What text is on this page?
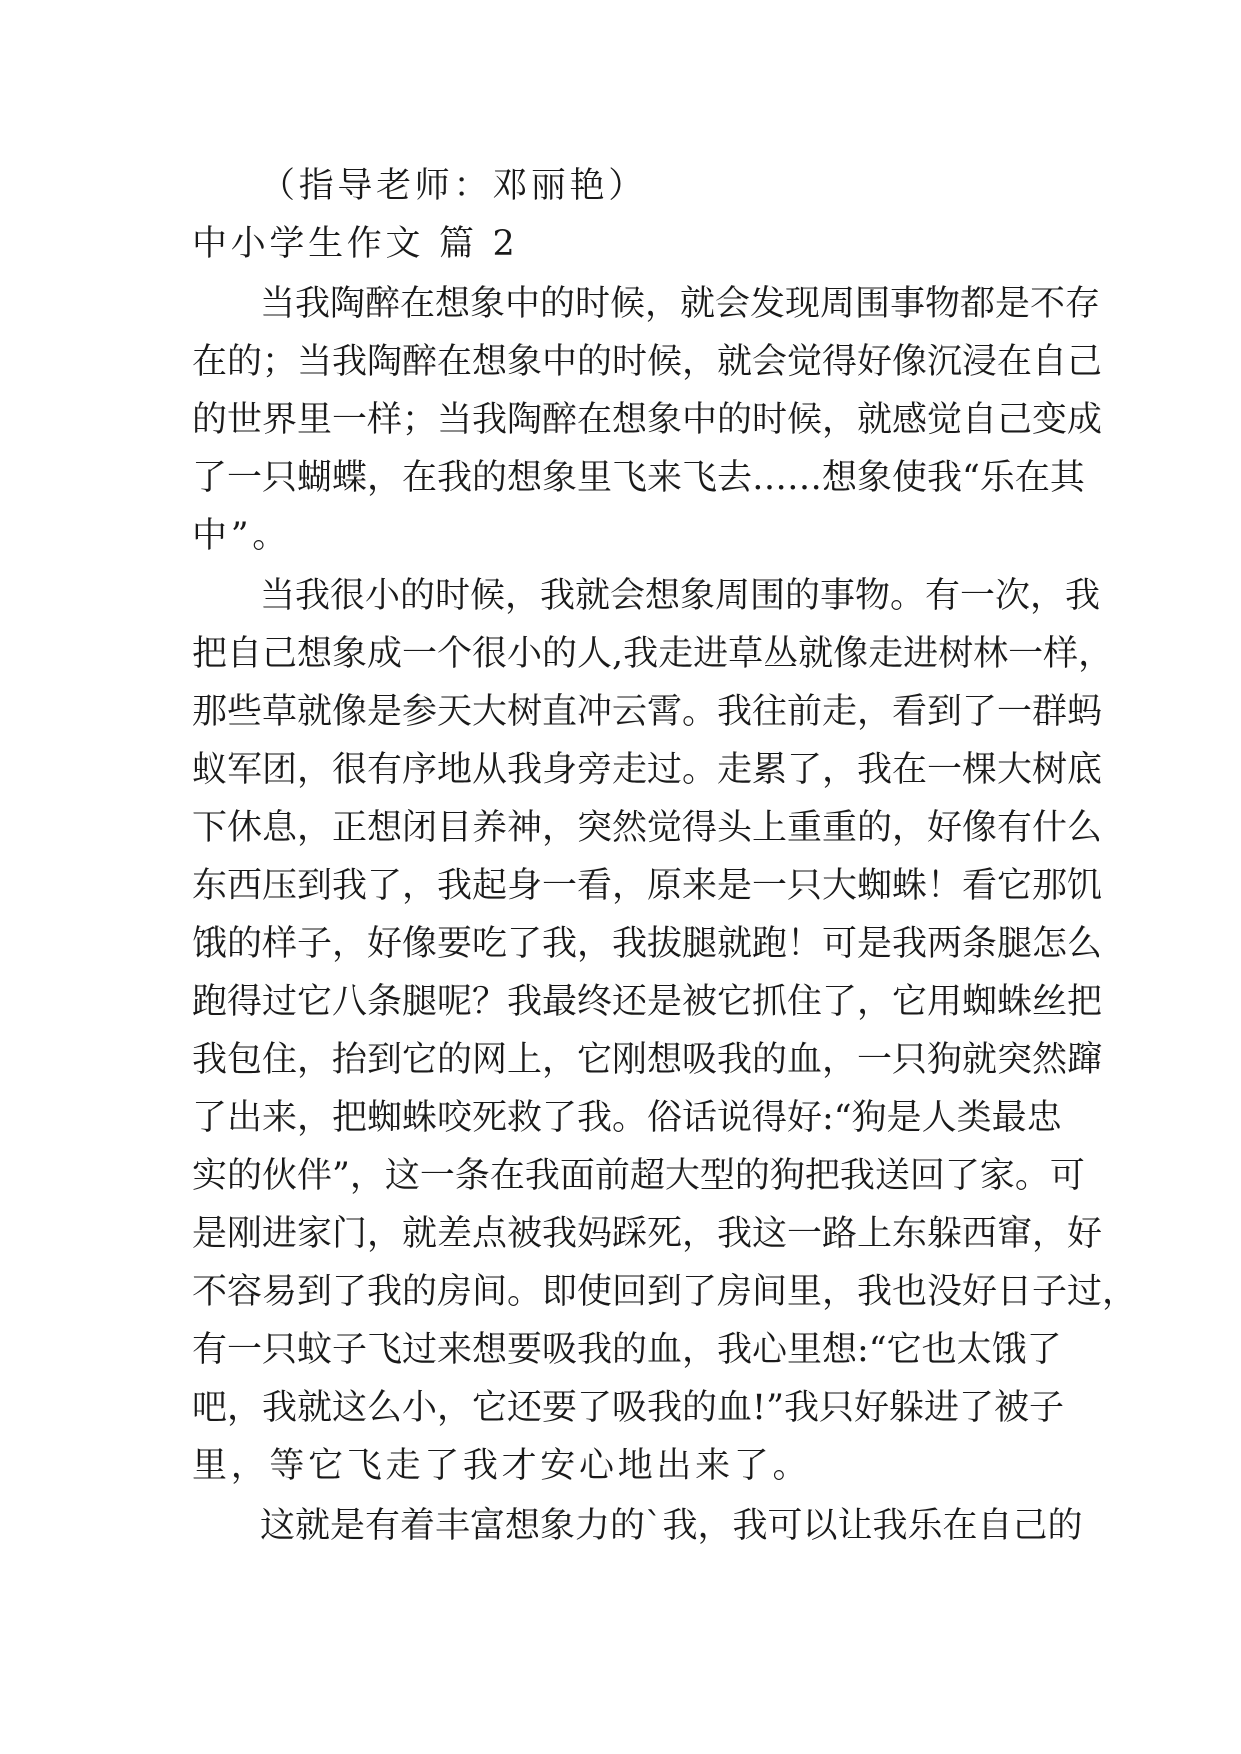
（指导老师：邓丽艳）
中小学生作文 篇 2
当我陶醉在想象中的时候，就会发现周围事物都是不存
在的；当我陶醉在想象中的时候，就会觉得好像沉浸在自己
的世界里一样；当我陶醉在想象中的时候，就感觉自己变成
了一只蝴蝶，在我的想象里飞来飞去……想象使我“乐在其
中”。
当我很小的时候，我就会想象周围的事物。有一次，我
把自己想象成一个很小的人,我走进草丛就像走进树林一样，
那些草就像是参天大树直冲云霄。我往前走，看到了一群蚂
蚁军团，很有序地从我身旁走过。走累了，我在一棵大树底
下休息，正想闭目养神，突然觉得头上重重的，好像有什么
东西压到我了，我起身一看，原来是一只大蜘蛛！看它那饥
饿的样子，好像要吃了我，我拔腿就跑！可是我两条腿怎么
跑得过它八条腿呢？我最终还是被它抓住了，它用蜘蛛丝把
我包住，抬到它的网上，它刚想吸我的血，一只狗就突然蹿
了出来，把蜘蛛咬死救了我。俗话说得好:“狗是人类最忠
实的伙伴”，这一条在我面前超大型的狗把我送回了家。可
是刚进家门，就差点被我妈踩死，我这一路上东躲西窜，好
不容易到了我的房间。即使回到了房间里，我也没好日子过，
有一只蚊子飞过来想要吸我的血，我心里想:“它也太饿了
吧，我就这么小，它还要了吸我的血!”我只好躲进了被子
里，等它飞走了我才安心地出来了。
这就是有着丰富想象力的`我，我可以让我乐在自己的
